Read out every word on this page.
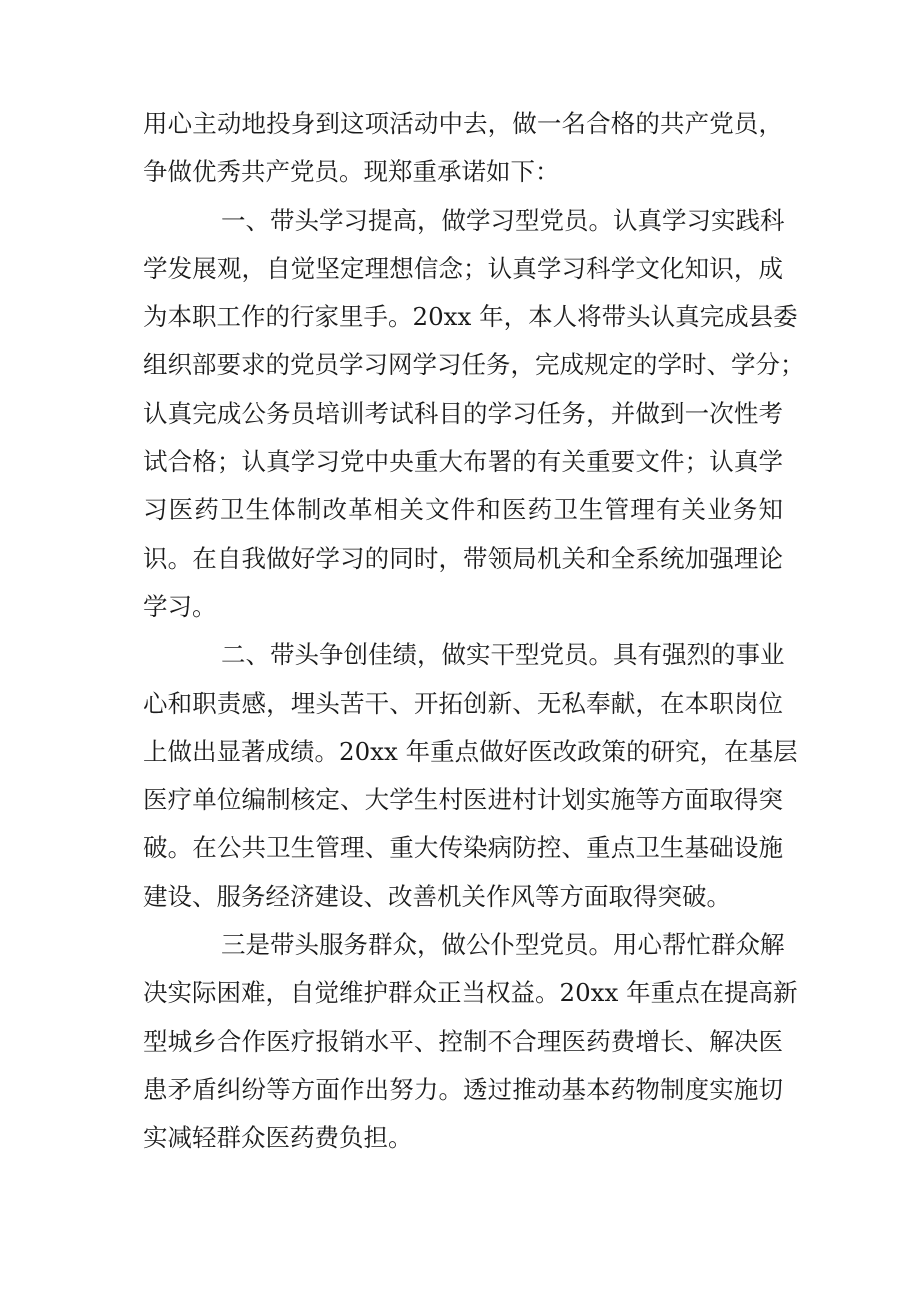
用心主动地投身到这项活动中去，做一名合格的共产党员，
争做优秀共产党员。现郑重承诺如下：
一、带头学习提高，做学习型党员。认真学习实践科
学发展观，自觉坚定理想信念；认真学习科学文化知识，成
为本职工作的行家里手。20xx 年，本人将带头认真完成县委
组织部要求的党员学习网学习任务，完成规定的学时、学分；
认真完成公务员培训考试科目的学习任务，并做到一次性考
试合格；认真学习党中央重大布署的有关重要文件；认真学
习医药卫生体制改革相关文件和医药卫生管理有关业务知
识。在自我做好学习的同时，带领局机关和全系统加强理论
学习。
二、带头争创佳绩，做实干型党员。具有强烈的事业
心和职责感，埋头苦干、开拓创新、无私奉献，在本职岗位
上做出显著成绩。20xx 年重点做好医改政策的研究，在基层
医疗单位编制核定、大学生村医进村计划实施等方面取得突
破。在公共卫生管理、重大传染病防控、重点卫生基础设施
建设、服务经济建设、改善机关作风等方面取得突破。
三是带头服务群众，做公仆型党员。用心帮忙群众解
决实际困难，自觉维护群众正当权益。20xx 年重点在提高新
型城乡合作医疗报销水平、控制不合理医药费增长、解决医
患矛盾纠纷等方面作出努力。透过推动基本药物制度实施切
实减轻群众医药费负担。
